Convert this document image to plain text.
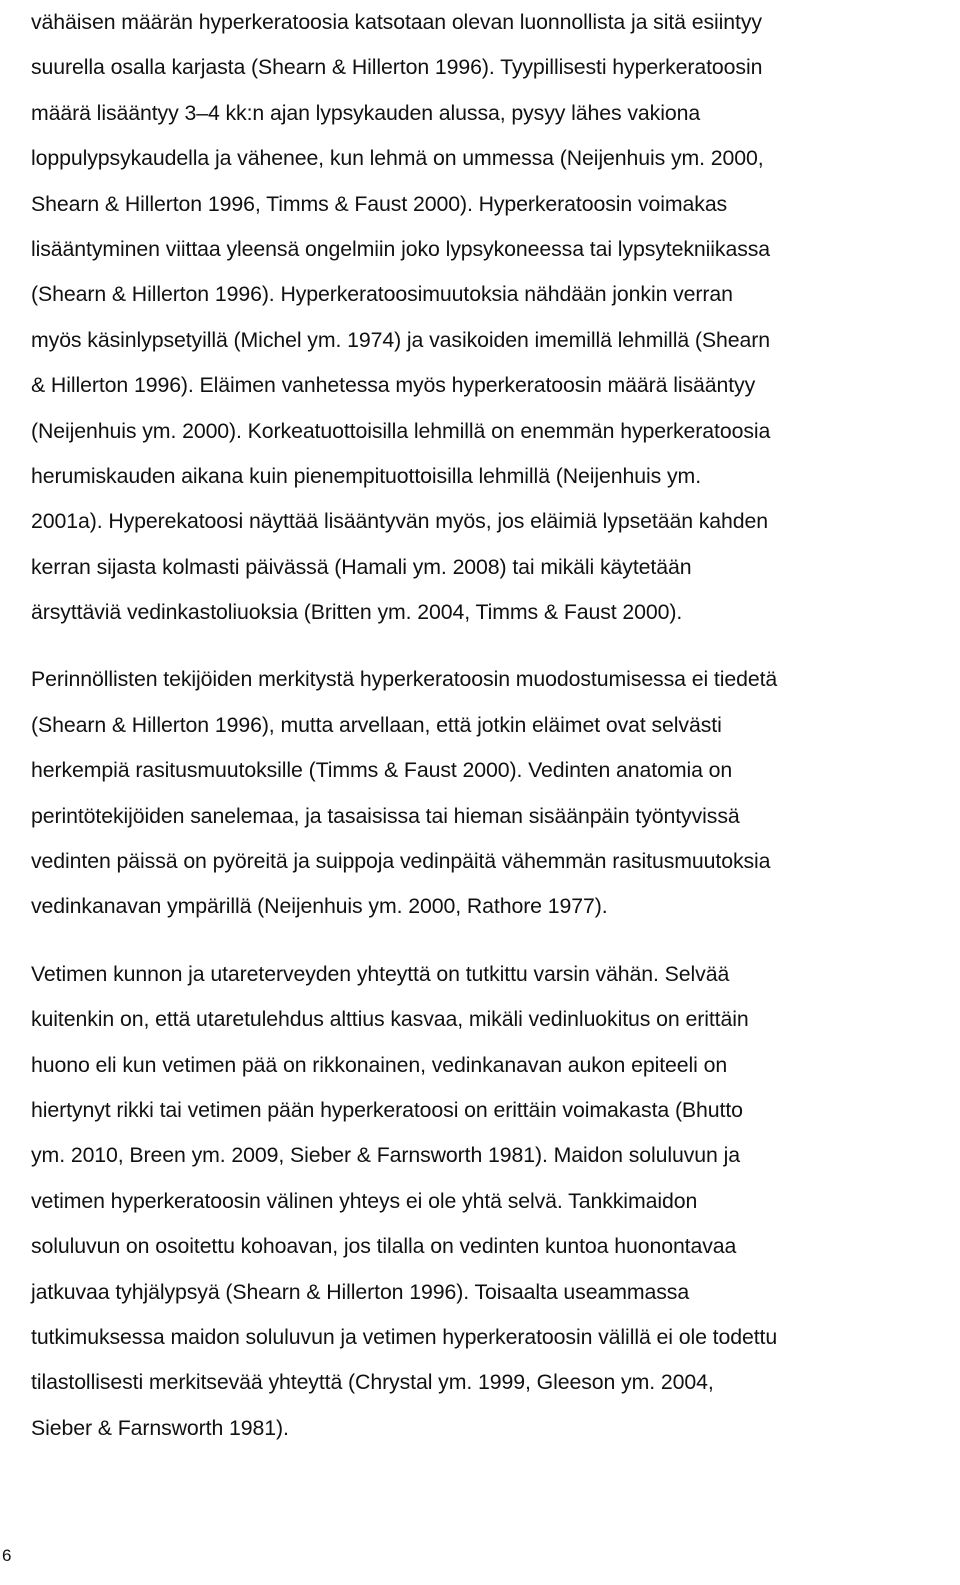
vähäisen määrän hyperkeratoosia katsotaan olevan luonnollista ja sitä esiintyy
suurella osalla karjasta (Shearn & Hillerton 1996). Tyypillisesti hyperkeratoosin
määrä lisääntyy 3–4 kk:n ajan lypsykauden alussa, pysyy lähes vakiona
loppulypsykaudella ja vähenee, kun lehmä on ummessa (Neijenhuis ym. 2000,
Shearn & Hillerton 1996, Timms & Faust 2000). Hyperkeratoosin voimakas
lisääntyminen viittaa yleensä ongelmiin joko lypsykoneessa tai lypsytekniikassa
(Shearn & Hillerton 1996). Hyperkeratoosimuutoksia nähdään jonkin verran
myös käsinlypsetyillä (Michel ym. 1974) ja vasikoiden imemillä lehmillä (Shearn
& Hillerton 1996). Eläimen vanhetessa myös hyperkeratoosin määrä lisääntyy
(Neijenhuis ym. 2000). Korkeatuottoisilla lehmillä on enemmän hyperkeratoosia
herumiskauden aikana kuin pienempituottoisilla lehmillä (Neijenhuis ym.
2001a). Hyperekatoosi näyttää lisääntyvän myös, jos eläimiä lypsetään kahden
kerran sijasta kolmasti päivässä (Hamali ym. 2008) tai mikäli käytetään
ärsyttäviä vedinkastoliuoksia (Britten ym. 2004, Timms & Faust 2000).

Perinnöllisten tekijöiden merkitystä hyperkeratoosin muodostumisessa ei tiedetä
(Shearn & Hillerton 1996), mutta arvellaan, että jotkin eläimet ovat selvästi
herkempiä rasitusmuutoksille (Timms & Faust 2000). Vedinten anatomia on
perintötekijöiden sanelemaa, ja tasaisissa tai hieman sisäänpäin työntyvissä
vedinten päissä on pyöreitä ja suippoja vedinpäitä vähemmän rasitusmuutoksia
vedinkanavan ympärillä (Neijenhuis ym. 2000, Rathore 1977).

Vetimen kunnon ja utareterveyden yhteyttä on tutkittu varsin vähän. Selvää
kuitenkin on, että utaretulehdus alttius kasvaa, mikäli vedinluokitus on erittäin
huono eli kun vetimen pää on rikkonainen, vedinkanavan aukon epiteeli on
hiertynyt rikki tai vetimen pään hyperkeratoosi on erittäin voimakasta (Bhutto
ym. 2010, Breen ym. 2009, Sieber & Farnsworth 1981). Maidon soluluvun ja
vetimen hyperkeratoosin välinen yhteys ei ole yhtä selvä. Tankkimaidon
soluluvun on osoitettu kohoavan, jos tilalla on vedinten kuntoa huonontavaa
jatkuvaa tyhjälypsyä (Shearn & Hillerton 1996). Toisaalta useammassa
tutkimuksessa maidon soluluvun ja vetimen hyperkeratoosin välillä ei ole todettu
tilastollisesti merkitsevää yhteyttä (Chrystal ym. 1999, Gleeson ym. 2004,
Sieber & Farnsworth 1981).

6
